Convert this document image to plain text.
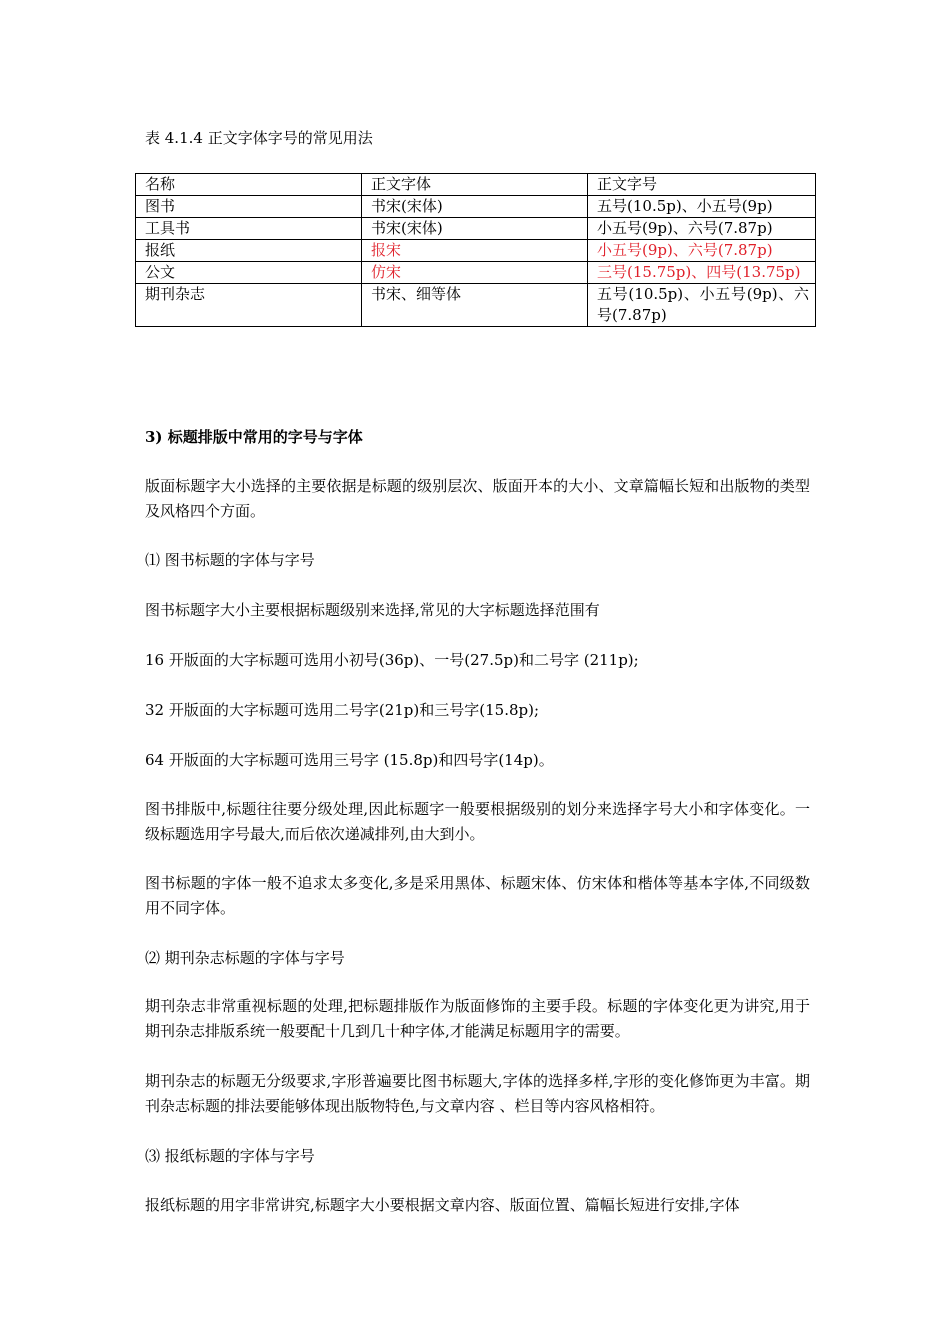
表 4.1.4 正文字体字号的常见用法
名称	正文字体	正文字号
图书	书宋(宋体)	五号(10.5p)、小五号(9p)
工具书	书宋(宋体)	小五号(9p)、六号(7.87p)
报纸	报宋	小五号(9p)、六号(7.87p)
公文	仿宋	三号(15.75p)、四号(13.75p)
期刊杂志	书宋、细等体	五号(10.5p)、小五号(9p)、六号(7.87p)
3) 标题排版中常用的字号与字体
版面标题字大小选择的主要依据是标题的级别层次、版面开本的大小、文章篇幅长短和出版物的类型及风格四个方面。
⑴ 图书标题的字体与字号
图书标题字大小主要根据标题级别来选择,常见的大字标题选择范围有
16 开版面的大字标题可选用小初号(36p)、一号(27.5p)和二号字 (211p);
32 开版面的大字标题可选用二号字(21p)和三号字(15.8p);
64 开版面的大字标题可选用三号字 (15.8p)和四号字(14p)。
图书排版中,标题往往要分级处理,因此标题字一般要根据级别的划分来选择字号大小和字体变化。一级标题选用字号最大,而后依次递减排列,由大到小。
图书标题的字体一般不追求太多变化,多是采用黑体、标题宋体、仿宋体和楷体等基本字体,不同级数用不同字体。
⑵ 期刊杂志标题的字体与字号
期刊杂志非常重视标题的处理,把标题排版作为版面修饰的主要手段。标题的字体变化更为讲究,用于期刊杂志排版系统一般要配十几到几十种字体,才能满足标题用字的需要。
期刊杂志的标题无分级要求,字形普遍要比图书标题大,字体的选择多样,字形的变化修饰更为丰富。期刊杂志标题的排法要能够体现出版物特色,与文章内容 、栏目等内容风格相符。
⑶ 报纸标题的字体与字号
报纸标题的用字非常讲究,标题字大小要根据文章内容、版面位置、篇幅长短进行安排,字体
